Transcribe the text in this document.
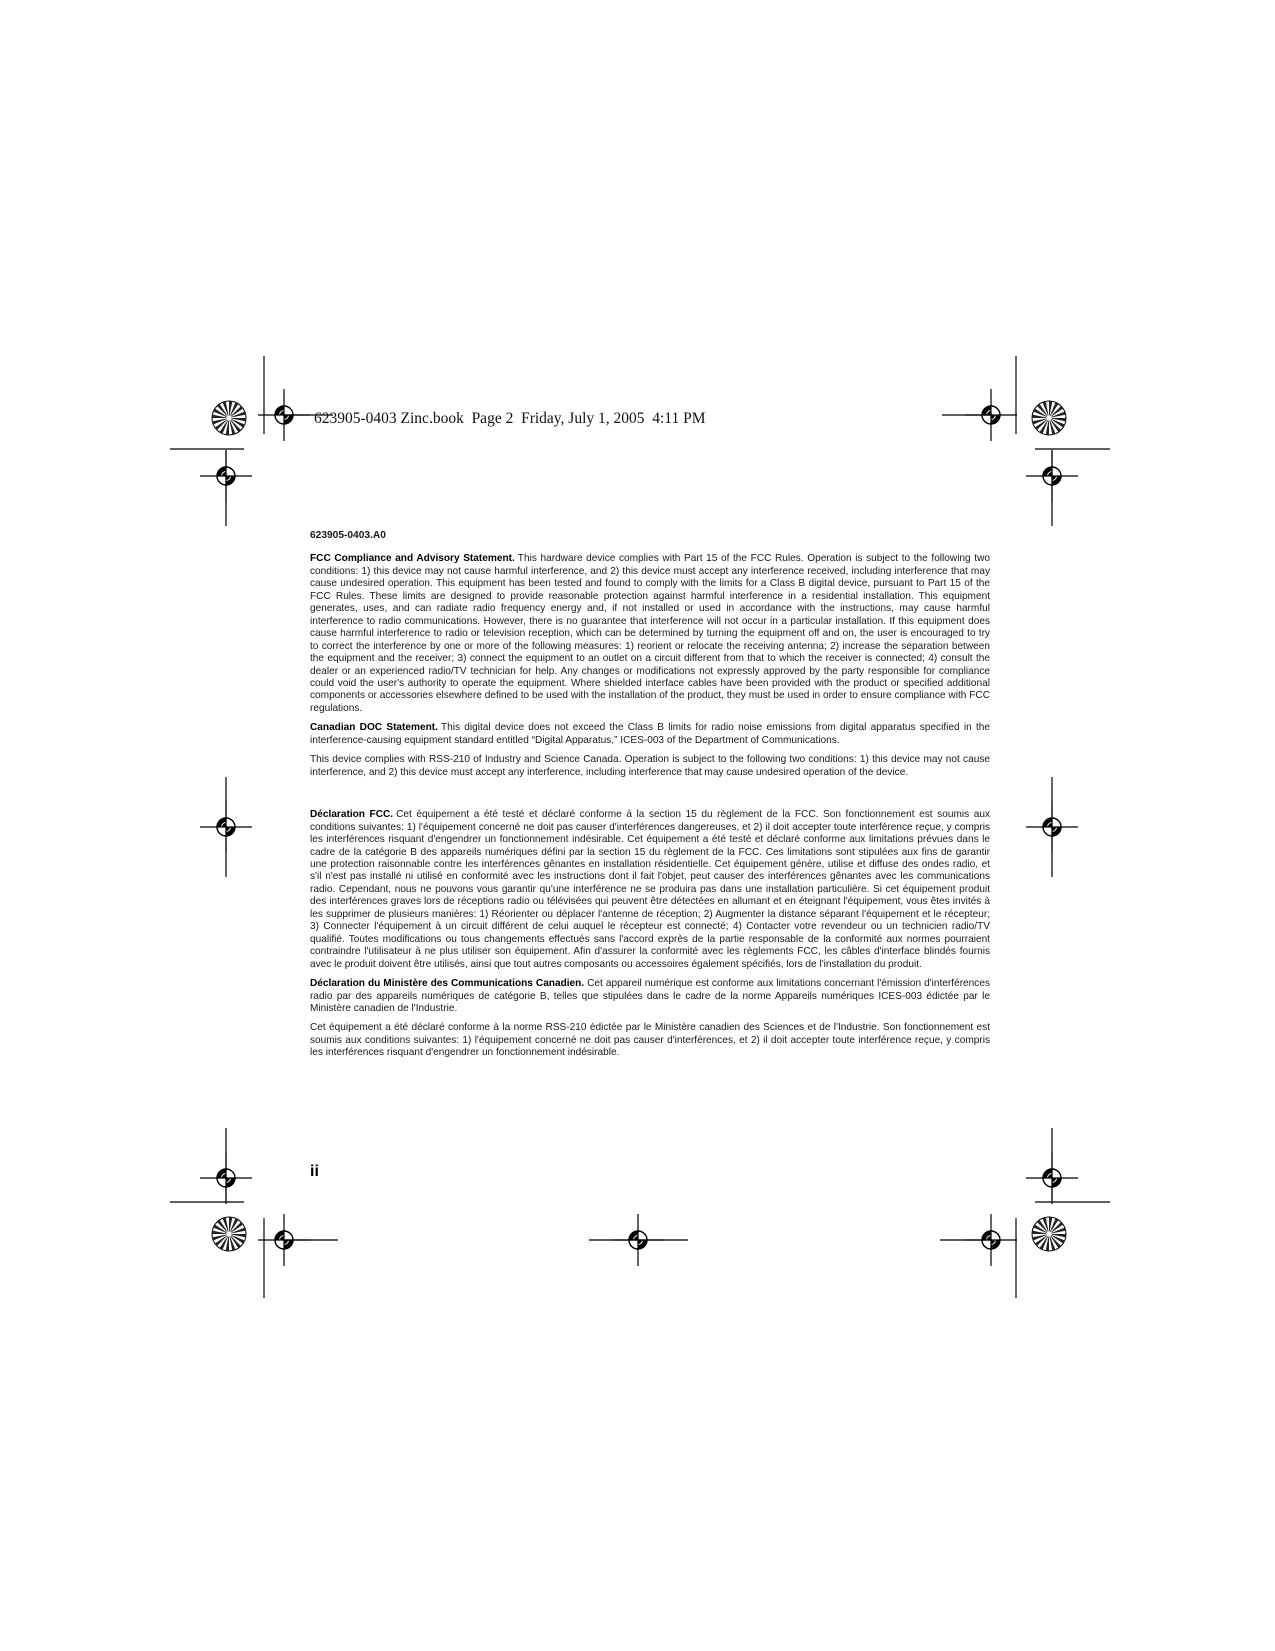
623905-0403 Zinc.book  Page 2  Friday, July 1, 2005  4:11 PM

623905-0403.A0

FCC Compliance and Advisory Statement. This hardware device complies with Part 15 of the FCC Rules. Operation is subject to the following two conditions: 1) this device may not cause harmful interference, and 2) this device must accept any interference received, including interference that may cause undesired operation. This equipment has been tested and found to comply with the limits for a Class B digital device, pursuant to Part 15 of the FCC Rules. These limits are designed to provide reasonable protection against harmful interference in a residential installation. This equipment generates, uses, and can radiate radio frequency energy and, if not installed or used in accordance with the instructions, may cause harmful interference to radio communications. However, there is no guarantee that interference will not occur in a particular installation. If this equipment does cause harmful interference to radio or television reception, which can be determined by turning the equipment off and on, the user is encouraged to try to correct the interference by one or more of the following measures: 1) reorient or relocate the receiving antenna; 2) increase the separation between the equipment and the receiver; 3) connect the equipment to an outlet on a circuit different from that to which the receiver is connected; 4) consult the dealer or an experienced radio/TV technician for help. Any changes or modifications not expressly approved by the party responsible for compliance could void the user's authority to operate the equipment. Where shielded interface cables have been provided with the product or specified additional components or accessories elsewhere defined to be used with the installation of the product, they must be used in order to ensure compliance with FCC regulations.

Canadian DOC Statement. This digital device does not exceed the Class B limits for radio noise emissions from digital apparatus specified in the interference-causing equipment standard entitled “Digital Apparatus,” ICES-003 of the Department of Communications.

This device complies with RSS-210 of Industry and Science Canada. Operation is subject to the following two conditions: 1) this device may not cause interference, and 2) this device must accept any interference, including interference that may cause undesired operation of the device.

Déclaration FCC. Cet équipement a été testé et déclaré conforme à la section 15 du règlement de la FCC. Son fonctionnement est soumis aux conditions suivantes: 1) l'équipement concerné ne doit pas causer d'interférences dangereuses, et 2) il doit accepter toute interférence reçue, y compris les interférences risquant d'engendrer un fonctionnement indésirable. Cet équipement a été testé et déclaré conforme aux limitations prévues dans le cadre de la catégorie B des appareils numériques défini par la section 15 du règlement de la FCC. Ces limitations sont stipulées aux fins de garantir une protection raisonnable contre les interférences gênantes en installation résidentielle. Cet équipement génère, utilise et diffuse des ondes radio, et s'il n'est pas installé ni utilisé en conformité avec les instructions dont il fait l'objet, peut causer des interférences gênantes avec les communications radio. Cependant, nous ne pouvons vous garantir qu'une interférence ne se produira pas dans une installation particulière. Si cet équipement produit des interférences graves lors de réceptions radio ou télévisées qui peuvent être détectées en allumant et en éteignant l'équipement, vous êtes invités à les supprimer de plusieurs manières: 1) Réorienter ou déplacer l'antenne de réception; 2) Augmenter la distance séparant l'équipement et le récepteur; 3) Connecter l'équipement à un circuit différent de celui auquel le récepteur est connecté; 4) Contacter votre revendeur ou un technicien radio/TV qualifié. Toutes modifications ou tous changements effectués sans l'accord exprès de la partie responsable de la conformité aux normes pourraient contraindre l'utilisateur à ne plus utiliser son équipement. Afin d'assurer la conformité avec les règlements FCC, les câbles d'interface blindés fournis avec le produit doivent être utilisés, ainsi que tout autres composants ou accessoires également spécifiés, lors de l'installation du produit.

Déclaration du Ministère des Communications Canadien. Cet appareil numérique est conforme aux limitations concernant l'émission d'interférences radio par des appareils numériques de catégorie B, telles que stipulées dans le cadre de la norme Appareils numériques ICES-003 édictée par le Ministère canadien de l'Industrie.

Cet équipement a été déclaré conforme à la norme RSS-210 édictée par le Ministère canadien des Sciences et de l'Industrie. Son fonctionnement est soumis aux conditions suivantes: 1) l'équipement concerné ne doit pas causer d'interférences, et 2) il doit accepter toute interférence reçue, y compris les interférences risquant d'engendrer un fonctionnement indésirable.

ii
